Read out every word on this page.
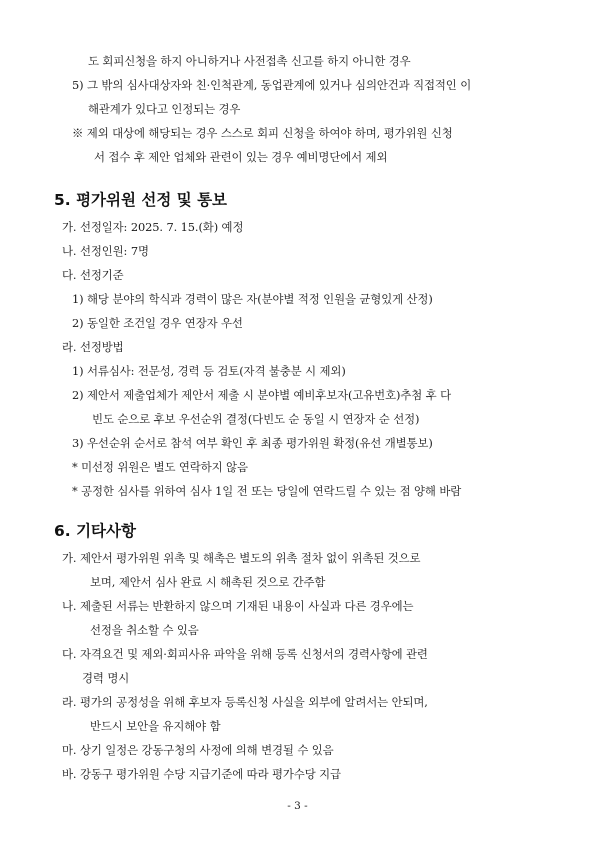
도 회피신청을 하지 아니하거나 사전접촉 신고를 하지 아니한 경우
5) 그 밖의 심사대상자와 친·인척관계, 동업관계에 있거나 심의안건과 직접적인 이
해관계가 있다고 인정되는 경우
※ 제외 대상에 해당되는 경우 스스로 회피 신청을 하여야 하며, 평가위원 신청
서 접수 후 제안 업체와 관련이 있는 경우 예비명단에서 제외
5. 평가위원 선정 및 통보
가. 선정일자: 2025. 7. 15.(화) 예정
나. 선정인원: 7명
다. 선정기준
1) 해당 분야의 학식과 경력이 많은 자(분야별 적정 인원을 균형있게 산정)
2) 동일한 조건일 경우 연장자 우선
라. 선정방법
1) 서류심사: 전문성, 경력 등 검토(자격 불충분 시 제외)
2) 제안서 제출업체가 제안서 제출 시 분야별 예비후보자(고유번호)추첨 후 다
빈도 순으로 후보 우선순위 결정(다빈도 순 동일 시 연장자 순 선정)
3) 우선순위 순서로 참석 여부 확인 후 최종 평가위원 확정(유선 개별통보)
* 미선정 위원은 별도 연락하지 않음
* 공정한 심사를 위하여 심사 1일 전 또는 당일에 연락드릴 수 있는 점 양해 바람
6. 기타사항
가. 제안서 평가위원 위촉 및 해촉은 별도의 위촉 절차 없이 위촉된 것으로
보며, 제안서 심사 완료 시 해촉된 것으로 간주함
나. 제출된 서류는 반환하지 않으며 기재된 내용이 사실과 다른 경우에는
선정을 취소할 수 있음
다. 자격요건 및 제외·회피사유 파악을 위해 등록 신청서의 경력사항에 관련
경력 명시
라. 평가의 공정성을 위해 후보자 등록신청 사실을 외부에 알려서는 안되며,
반드시 보안을 유지해야 함
마. 상기 일정은 강동구청의 사정에 의해 변경될 수 있음
바. 강동구 평가위원 수당 지급기준에 따라 평가수당 지급
- 3 -
